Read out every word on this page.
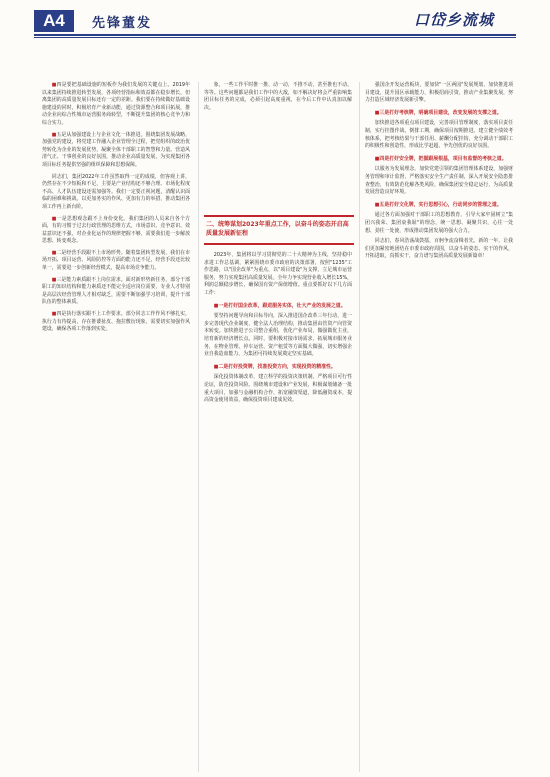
A4	先锋董发	口岱乡流城

■四是要把基础设施的短板作为我们发展的关键点上。2019年以来集团持续推进转型发展，各项经营指标和效益都在稳步增长，但离集团的高质量发展目标还有一定的差距。我们要在持续做好基础设施建设的同时，积极培育产业新动能，通过资源整合和项目拓展，推动企业向综合性城市运营服务商转型，不断提升集团的核心竞争力和综合实力。

■五是从加强建设上与企业文化一体推进。围绕集团发展战略，加强党的建设，将党建工作融入企业管理全过程，把党组织的政治优势转化为企业的发展优势，凝聚全体干部职工的智慧和力量。营造风清气正、干事创业的良好氛围，推动企业高质量发展，为实现集团各项目标任务提供坚强的组织保障和思想保障。

同志们，集团2022年工作虽然取得一定的成绩，但客观上讲，仍然存在不少短板和不足，主要是产业结构还不够合理、市场化程度不高、人才队伍建设还需加强等。我们一定要正视问题，清醒认识面临的困难和挑战，以更加务实的作风、更加有力的举措，推动集团各项工作再上新台阶。

■一是思想观念跟不上身份变化。我们集团的人员来自各个方面，有的习惯于过去行政管理的思维方式，市场意识、竞争意识、效益意识还不强，对企业化运作的规律把握不够，需要我们进一步解放思想、转变观念。

■二是经营手段跟不上市场形势。随着集团转型发展，我们在市场开拓、项目运营、风险防控等方面的能力还不足，经营手段还比较单一，需要进一步创新经营模式，提高市场竞争能力。

■三是能力素质跟不上岗位需求。面对新形势新任务，部分干部职工的知识结构和能力素质还不能完全适应岗位需要，专业人才特别是高层次经营管理人才相对缺乏，需要不断加强学习培训，提升干部队伍的整体素质。

■四是执行落实跟不上工作要求。部分同志工作作风不够扎实，执行力有待提高，存在推诿扯皮、拖拉敷衍现象，需要切实加强作风建设，确保各项工作落到实处。

象，一些工作平时推一推、动一动，不推不动，甚至推也不动。等等。这些问题都是我们工作中的大敌，如不解决好将会严重影响集团目标任务的完成，必须引起高度重视，在今后工作中认真加以解决。

二、统筹谋划2023年重点工作，以奋斗的姿态开启高质量发展新征程

2023年，集团将以学习贯彻党的二十大精神为主线，坚持稳中求进工作总基调，紧紧围绕市委市政府的决策部署，按照"1235"工作思路，以"国企改革"为重点，以"项目建设"为支撑，立足城市运营服务，努力实现集团高质量发展。全年力争实现营业收入增长15%，利润总额稳步增长，确保国有资产保值增值。重点要抓好以下几方面工作：

■一是打好国企改革，跟进服务实体，壮大产业的发展之道。

要坚持问题导向和目标导向，深入推进国企改革三年行动，进一步完善现代企业制度，健全法人治理结构，推动集团由管资产向管资本转变。加快推进子公司整合重组，优化产业布局，做强做优主业，培育新的经济增长点。同时，要积极对接市场需求，拓展城市服务业务，在物业管理、停车运营、资产租赁等方面做大做强，切实增强企业自我造血能力，为集团可持续发展奠定坚实基础。

■二是打好投资牌，找准投资方向，实现投资的精准性。

深化投资体制改革，建立科学的投资决策机制，严格项目可行性论证，防范投资风险。围绕城市建设和产业发展，积极谋划储备一批重大项目，加强与金融机构合作，拓宽融资渠道，降低融资成本，提高资金使用效益，确保投资项目建成见效。

强国企开发运营板块，要加快"一区两园"发展规划，加快推进项目建设，提升园区承载能力，积极招商引资，推动产业集聚发展，努力打造区域经济发展新引擎。

■三是打好考核牌，明确项目建设，改变发展的支撑之道。

加快推进各项重点项目建设，完善项目管理制度，落实项目责任制，实行挂图作战，倒排工期，确保项目按期推进。建立健全绩效考核体系，把考核结果与干部任用、薪酬分配挂钩，充分调动干部职工的积极性和创造性，形成比学赶超、争先创优的良好氛围。

■四是打好安全牌，把握跟展根基，项目有监督的考核之道。

以服务为发展理念，加快党建引领的集团管理体系建设，加强财务管理和审计监督，严格落实安全生产责任制，深入开展安全隐患排查整治，有效防范化解各类风险，确保集团安全稳定运行，为高质量发展营造良好环境。

■五是打好文化牌，实行思想引心，行动同步的管理之道。

通过各方面加强对干部职工的思想教育，引导大家牢固树立"集团兴我荣、集团衰我耻"的理念，统一思想、凝聚共识，心往一处想、劲往一处使，形成推动集团发展的强大合力。

同志们，春风浩荡战鼓擂，百舸争流奋楫者先。新的一年，让我们更加紧密地团结在市委市政府周围，以奋斗的姿态、实干的作风，开拓进取，真抓实干，奋力谱写集团高质量发展新篇章！
